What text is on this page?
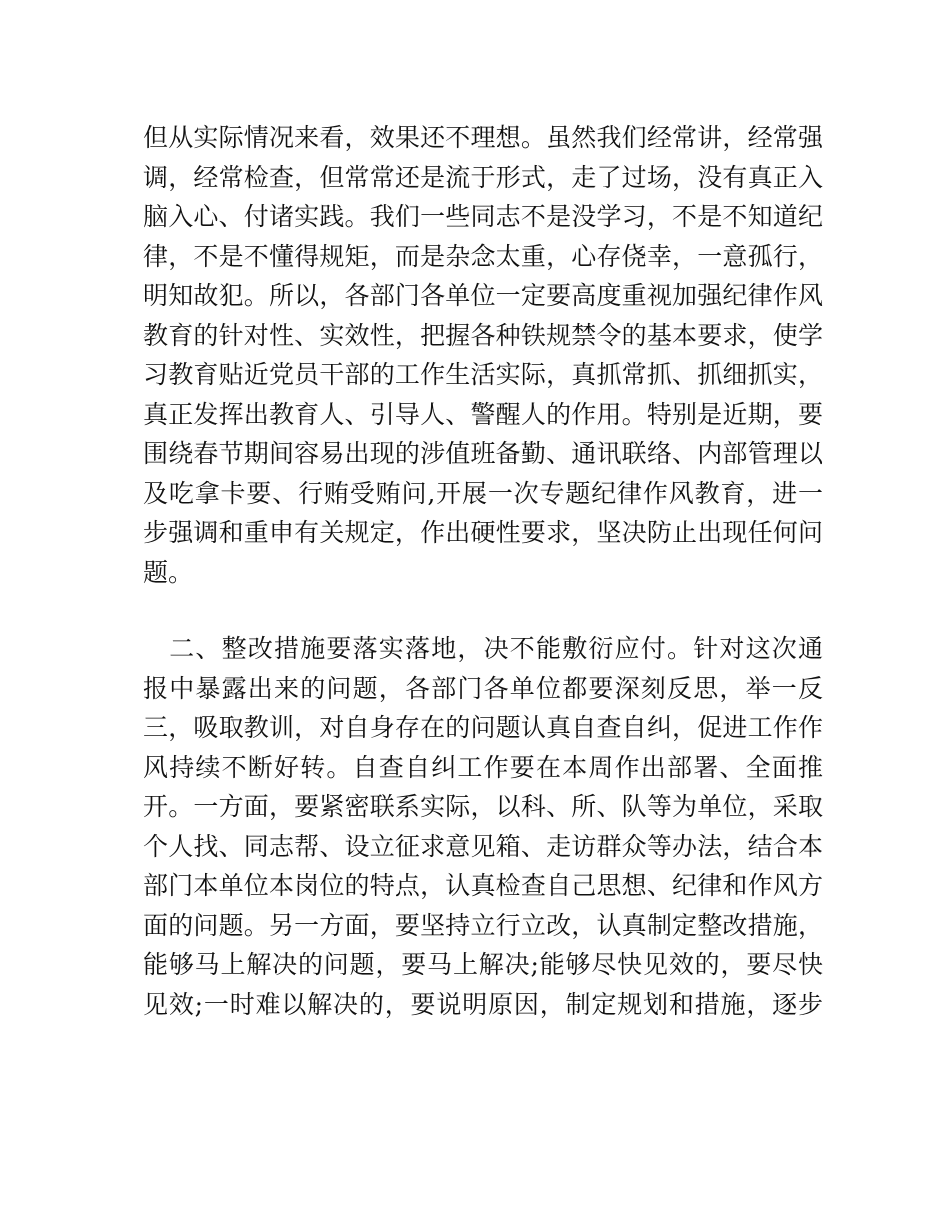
但从实际情况来看，效果还不理想。虽然我们经常讲，经常强
调，经常检查，但常常还是流于形式，走了过场，没有真正入
脑入心、付诸实践。我们一些同志不是没学习，不是不知道纪
律，不是不懂得规矩，而是杂念太重，心存侥幸，一意孤行，
明知故犯。所以，各部门各单位一定要高度重视加强纪律作风
教育的针对性、实效性，把握各种铁规禁令的基本要求，使学
习教育贴近党员干部的工作生活实际，真抓常抓、抓细抓实，
真正发挥出教育人、引导人、警醒人的作用。特别是近期，要
围绕春节期间容易出现的涉值班备勤、通讯联络、内部管理以
及吃拿卡要、行贿受贿问,开展一次专题纪律作风教育，进一
步强调和重申有关规定，作出硬性要求，坚决防止出现任何问
题。
　二、整改措施要落实落地，决不能敷衍应付。针对这次通
报中暴露出来的问题，各部门各单位都要深刻反思，举一反
三，吸取教训，对自身存在的问题认真自查自纠，促进工作作
风持续不断好转。自查自纠工作要在本周作出部署、全面推
开。一方面，要紧密联系实际，以科、所、队等为单位，采取
个人找、同志帮、设立征求意见箱、走访群众等办法，结合本
部门本单位本岗位的特点，认真检查自己思想、纪律和作风方
面的问题。另一方面，要坚持立行立改，认真制定整改措施，
能够马上解决的问题，要马上解决;能够尽快见效的，要尽快
见效;一时难以解决的，要说明原因，制定规划和措施，逐步
